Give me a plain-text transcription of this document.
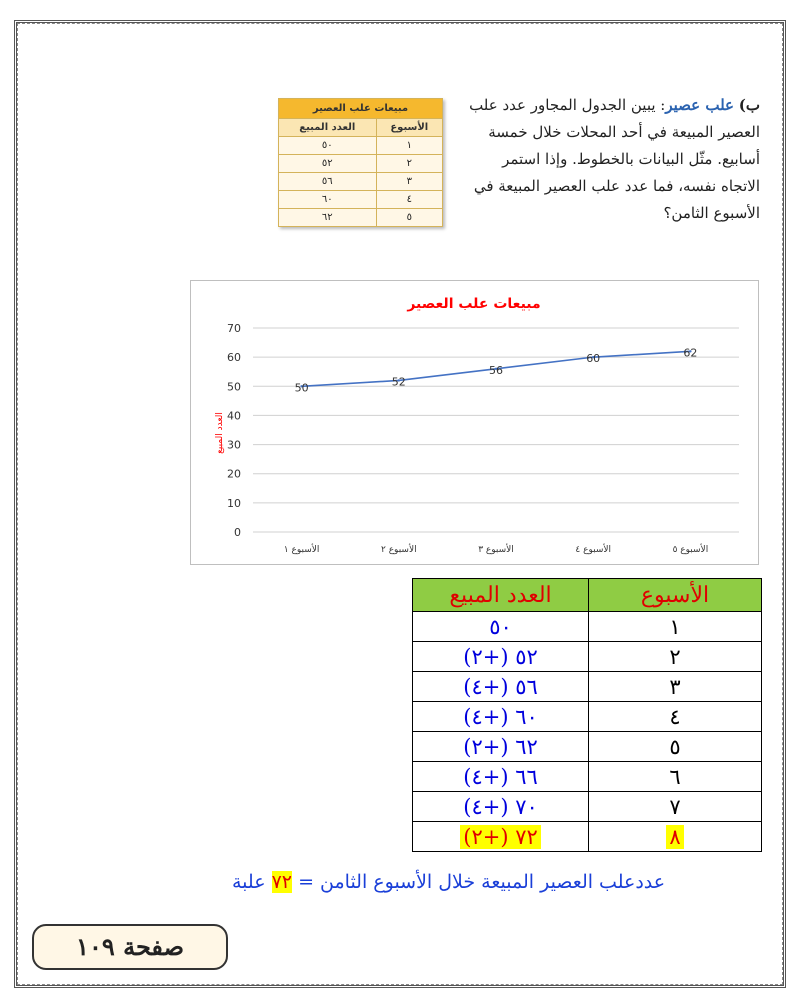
ب) علب عصير: يبين الجدول المجاور عدد علب العصير المبيعة في أحد المحلات خلال خمسة أسابيع. مثّل البيانات بالخطوط. وإذا استمر الاتجاه نفسه، فما عدد علب العصير المبيعة في الأسبوع الثامن؟
مبيعات علب العصير	
الأسبوع	العدد المبيع
١	٥٠
٢	٥٢
٣	٥٦
٤	٦٠
٥	٦٢
مبيعات علب العصير
العدد المبيع
0
10
20
30
40
50
60
70
الأسبوع ١	الأسبوع ٢	الأسبوع ٣	الأسبوع ٤	الأسبوع ٥
50	52
56
60	62
الأسبوع	العدد المبيع
١	٥٠
٢	٥٢ (+٢)
٣	٥٦ (+٤)
٤	٦٠ (+٤)
٥	٦٢ (+٢)
٦	٦٦ (+٤)
٧	٧٠ (+٤)
٨	٧٢ (+٢)
عددعلب العصير المبيعة خلال الأسبوع الثامن = ٧٢ علبة
صفحة ١٠٩
